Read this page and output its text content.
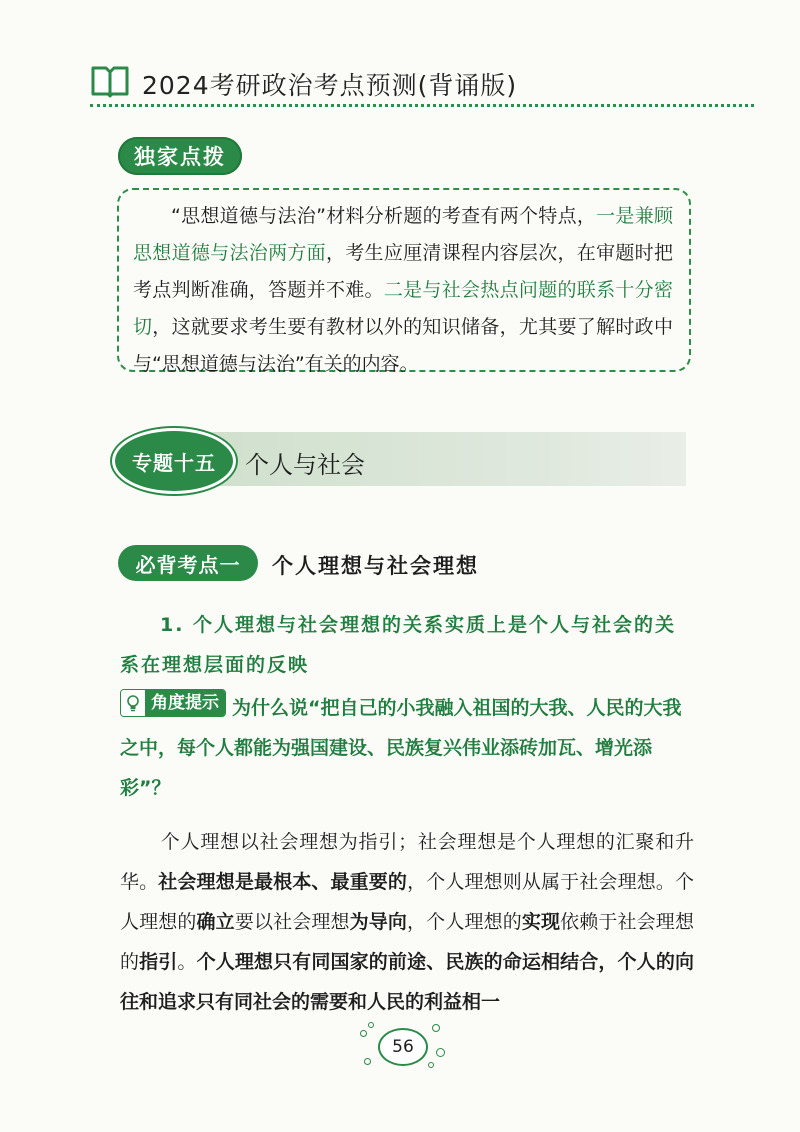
2024考研政治考点预测(背诵版)
独家点拨
“思想道德与法治”材料分析题的考查有两个特点，一是兼顾思想道德与法治两方面，考生应厘清课程内容层次，在审题时把考点判断准确，答题并不难。二是与社会热点问题的联系十分密切，这就要求考生要有教材以外的知识储备，尤其要了解时政中与“思想道德与法治”有关的内容。
专题十五	个人与社会
必背考点一	个人理想与社会理想
1. 个人理想与社会理想的关系实质上是个人与社会的关系在理想层面的反映
角度提示 为什么说“把自己的小我融入祖国的大我、人民的大我之中，每个人都能为强国建设、民族复兴伟业添砖加瓦、增光添彩”？
个人理想以社会理想为指引；社会理想是个人理想的汇聚和升华。社会理想是最根本、最重要的，个人理想则从属于社会理想。个人理想的确立要以社会理想为导向，个人理想的实现依赖于社会理想的指引。个人理想只有同国家的前途、民族的命运相结合，个人的向往和追求只有同社会的需要和人民的利益相一
56
